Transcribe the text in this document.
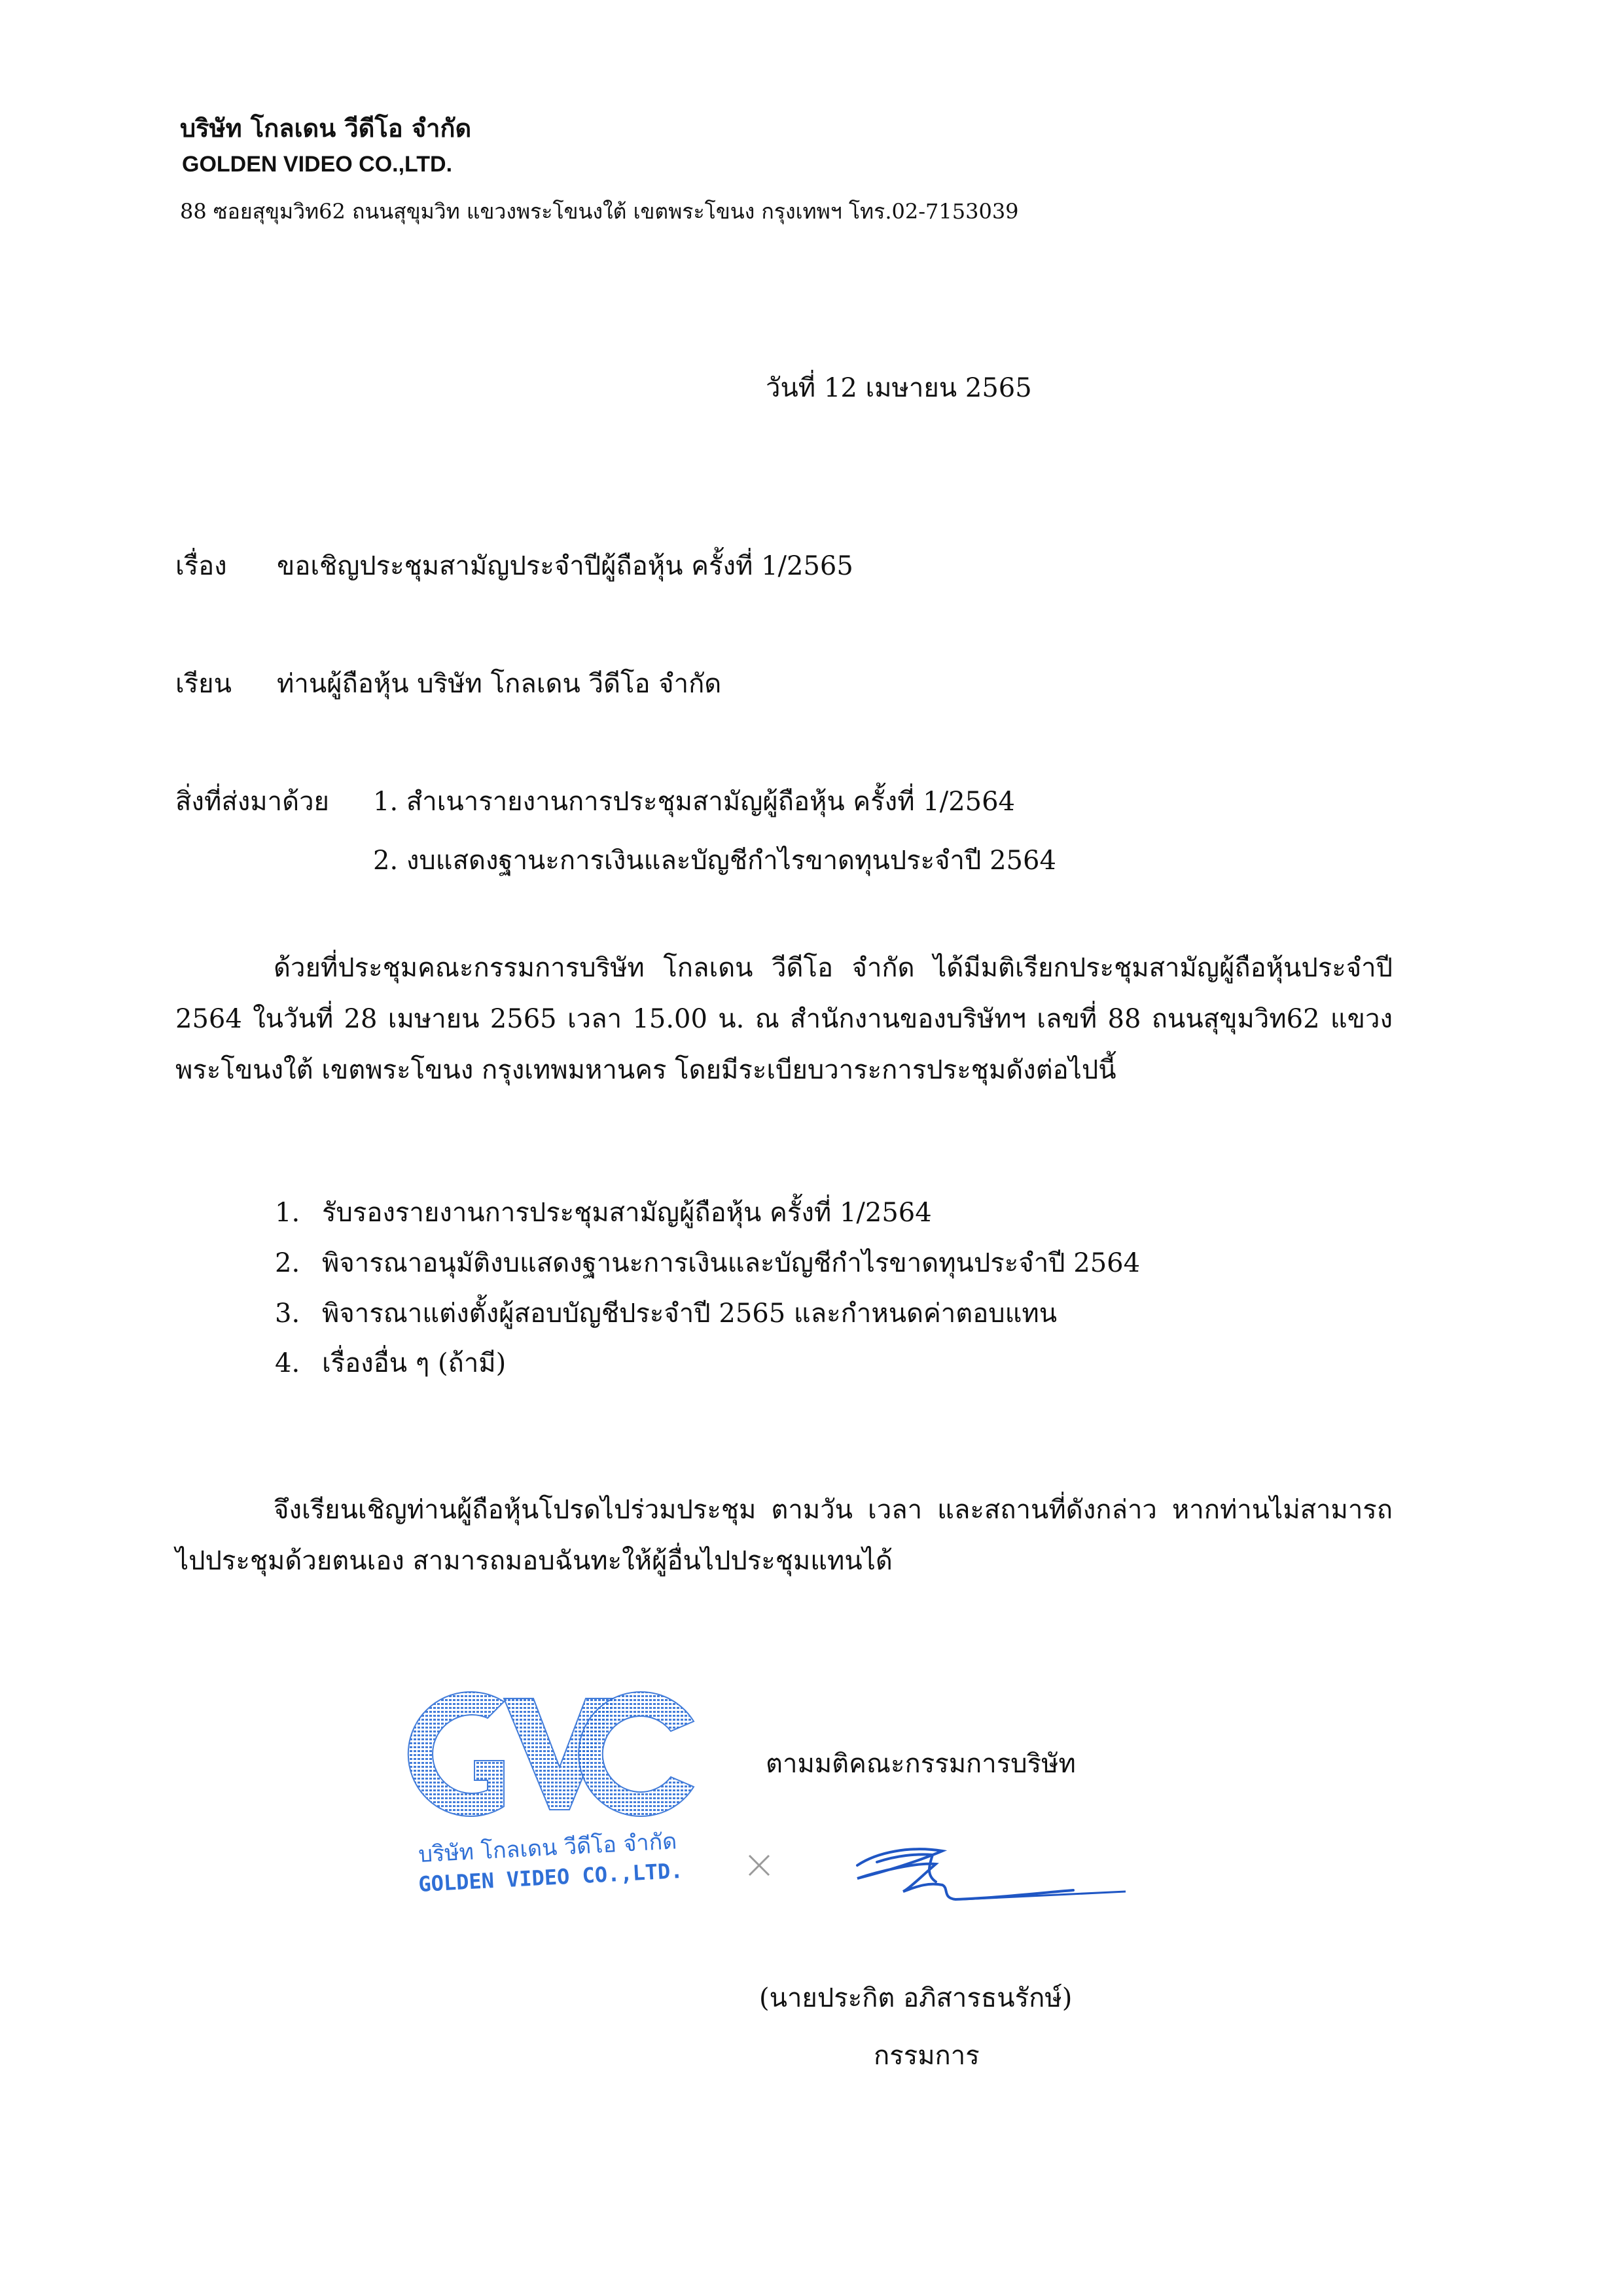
บริษัท โกลเดน วีดีโอ จำกัด
GOLDEN VIDEO CO.,LTD.
88 ซอยสุขุมวิท62 ถนนสุขุมวิท แขวงพระโขนงใต้ เขตพระโขนง กรุงเทพฯ โทร.02-7153039
วันที่ 12 เมษายน 2565
เรื่อง ขอเชิญประชุมสามัญประจำปีผู้ถือหุ้น ครั้งที่ 1/2565
เรียน ท่านผู้ถือหุ้น บริษัท โกลเดน วีดีโอ จำกัด
สิ่งที่ส่งมาด้วย 1. สำเนารายงานการประชุมสามัญผู้ถือหุ้น ครั้งที่ 1/2564
2. งบแสดงฐานะการเงินและบัญชีกำไรขาดทุนประจำปี 2564

ด้วยที่ประชุมคณะกรรมการบริษัท โกลเดน วีดีโอ จำกัด ได้มีมติเรียกประชุมสามัญผู้ถือหุ้นประจำปี 2564 ในวันที่ 28 เมษายน 2565 เวลา 15.00 น. ณ สำนักงานของบริษัทฯ เลขที่ 88 ถนนสุขุมวิท62 แขวงพระโขนงใต้ เขตพระโขนง กรุงเทพมหานคร โดยมีระเบียบวาระการประชุมดังต่อไปนี้

1. รับรองรายงานการประชุมสามัญผู้ถือหุ้น ครั้งที่ 1/2564
2. พิจารณาอนุมัติงบแสดงฐานะการเงินและบัญชีกำไรขาดทุนประจำปี 2564
3. พิจารณาแต่งตั้งผู้สอบบัญชีประจำปี 2565 และกำหนดค่าตอบแทน
4. เรื่องอื่น ๆ (ถ้ามี)

จึงเรียนเชิญท่านผู้ถือหุ้นโปรดไปร่วมประชุม ตามวัน เวลา และสถานที่ดังกล่าว หากท่านไม่สามารถไปประชุมด้วยตนเอง สามารถมอบฉันทะให้ผู้อื่นไปประชุมแทนได้

บริษัท โกลเดน วีดีโอ จำกัด
GOLDEN VIDEO CO.,LTD.
ตามมติคณะกรรมการบริษัท
(นายประกิต อภิสารธนรักษ์)
กรรมการ
